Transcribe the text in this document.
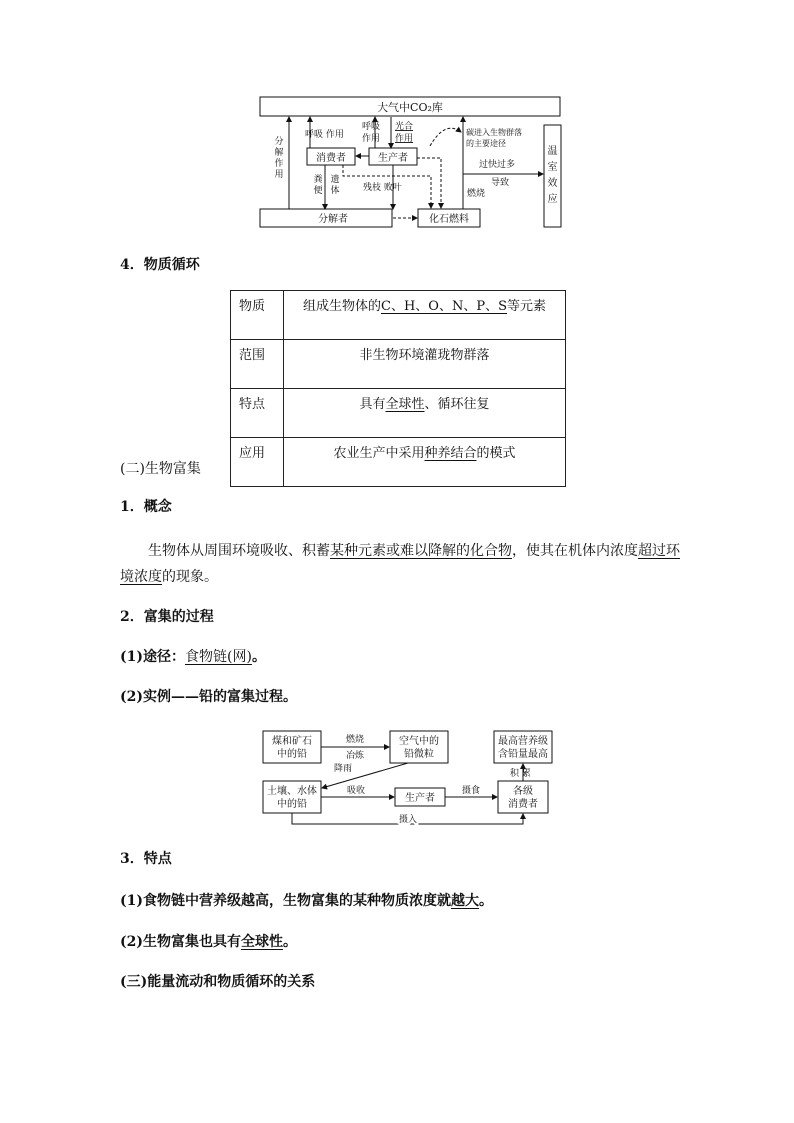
大气中CO₂库
温室效应
消费者	生产者
分解者	化石燃料
分解作用
呼吸 作用
呼吸
作用
光合
作用
碳进入生物群落
的主要途径
粪便
遗体	残枝 败叶
过快过多
导致
燃烧
4．物质循环
物质	组成生物体的C、H、O、N、P、S等元素
范围	非生物环境灌珑物群落
特点	具有全球性、循环往复
应用	农业生产中采用种养结合的模式
(二)生物富集
1．概念
生物体从周围环境吸收、积蓄某种元素或难以降解的化合物，使其在机体内浓度超过环境浓度的现象。
2．富集的过程
(1)途径：食物链(网)。
(2)实例——铅的富集过程。
煤和矿石
中的铅
空气中的
铅微粒
最高营养级
含铅量最高
土壤、水体
中的铅
生产者
各级
消费者
燃烧
冶炼
降雨
吸收	摄食
积 累
摄入
3．特点
(1)食物链中营养级越高，生物富集的某种物质浓度就越大。
(2)生物富集也具有全球性。
(三)能量流动和物质循环的关系
